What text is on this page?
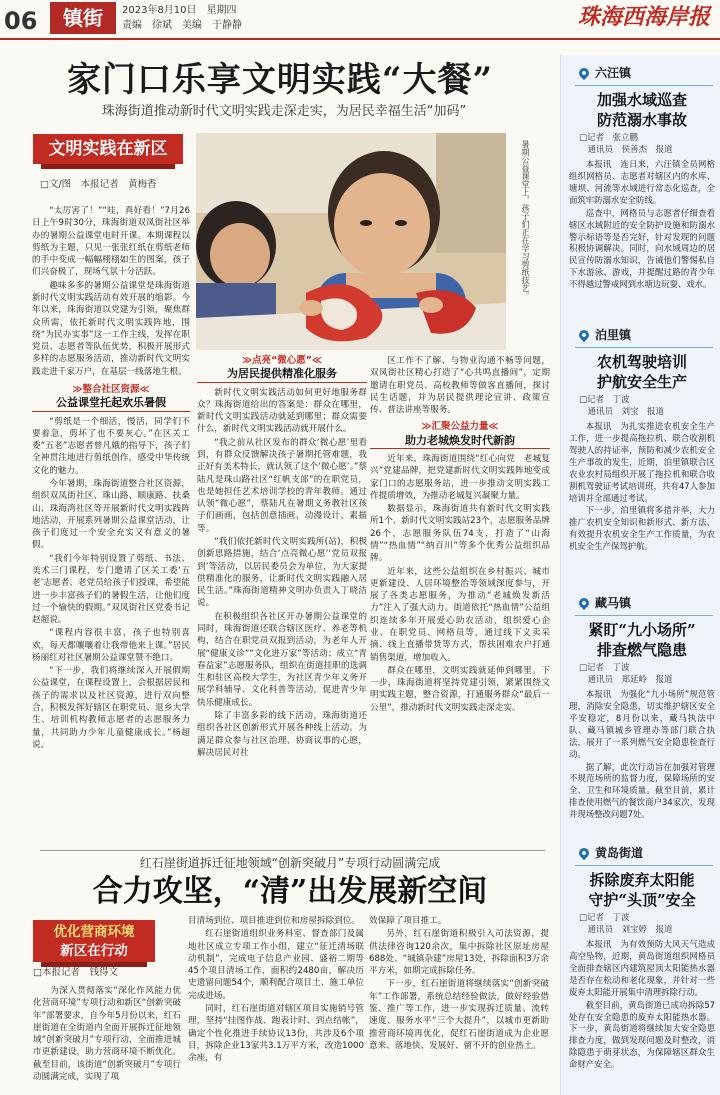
06	镇街	2023年8月10日　星期四
责编　徐斌　美编　于静静	珠海西海岸报
家门口乐享文明实践“大餐”
珠海街道推动新时代文明实践走深走实，为居民幸福生活“加码”
文明实践在新区
□文/图　本报记者　黄梅香	暑期公益课堂上，孩子们正在学习剪纸技艺。

“太厉害了！”“哇，真好看！”7月26日上午9时30分，珠海街道双凤街社区举办的暑期公益课堂电时开课。本期课程以剪纸为主题，只见一张张红纸在剪纸老师的手中变成一幅幅栩栩如生的图案，孩子们兴奋极了，现场气氛十分活跃。

趣味多多的暑期公益课堂是珠海街道新时代文明实践活动有效开展的缩影。今年以来，珠海街道以党建为引领，聚焦群众所需，依托新时代文明实践阵地，围绕“为民办实事”这一工作主线，发挥在职党员、志愿者等队伍优势，积极开展形式多样的志愿服务活动，推动新时代文明实践走进千家万户，在基层一线落地生根。

≫整合社区资源≪
公益课堂托起欢乐暑假

“剪纸是一个细活，慢活，同学们不要着急，剪坏了也不要灰心。”在区关工委“五老”志愿者曾凡娥的指导下，孩子们全神贯注地进行剪纸创作，感受中华传统文化的魅力。

今年暑期，珠海街道整合社区资源，组织双凤街社区、珠山路、顺康路、扶桑山、珠海湾社区等开展新时代文明实践阵地活动，开展系列暑期公益课堂活动，让孩子们度过一个安全充实又有意义的暑假。

“我们今年特别设置了剪纸、书法、美术三门课程，专门邀请了区关工委‘五老’志愿者、老党员给孩子们授课，希望能进一步丰富孩子们的暑假生活，让他们度过一个愉快的假期。”双凤街社区党委书记赵超说。

“课程内容很丰富，孩子也特别喜欢，每天都嚷嚷着让我带他来上课。”居民杨丽红对社区暑期公益课堂赞不绝口。

“下一步，我们将继续深入开展假期公益课堂，在课程设置上，会根据居民和孩子的需求以及社区资源，进行双向整合，积极发挥好辖区在职党员、退乡大学生、培训机构教师志愿者的志愿服务力量，共同助力少年儿童健康成长。”杨超说。

≫点亮“微心愿”≪
为居民提供精准化服务

新时代文明实践活动如何更好地服务群众？珠海街道给出的答案是：群众在哪里，新时代文明实践活动就延到哪里；群众需要什么，新时代文明实践活动就开展什么。

“我之前从社区发布的群众‘微心愿’里看到，有群众反馈解决孩子暑期托管难题，我正好有美术特长，就认领了这个‘微心愿’。”蔡陆凡是珠山路社区“红帆支部”的在职党员，也是她担任艺术培训学校的青年教师。通过认领“微心愿”，蔡陆凡在暑期义务教社区孩子们画画，包括创意插画、动漫设计、素描等。

“我们依托新时代文明实践所(站)，积极创新思路措施，结合‘点亮微心愿’‘党员双报到’等活动，以居民委员会为单位，为大家提供精准化的服务，让新时代文明实践融入居民生活。”珠海街道精神文明办负责人丁晓洁说。

在积极组织各社区开办暑期公益课堂的同时，珠海街道还联合辖区医疗、养老等机构，结合在职党员双报到活动，为老年人开展“健康义诊”“文化进万家”等活动；成立“青春益家”志愿服务队，组织在街道挂职的选调生和驻区高校大学生，为社区青少年义务开展学科辅导、文化科普等活动，促进青少年快乐健康成长。

除了丰富多彩的线下活动，珠海街道还组织各社区创新形式开展各种线上活动。为满足群众参与社区治理、协商议事的心愿，解决居民对社

区工作不了解、与物业沟通不畅等问题，双凤街社区精心打造了“心共鸣直播间”，定期邀请在职党员、高校教师等做客直播间，探讨民生话题，并为居民提供理论宣讲、政策宣传、普法讲座等服务。

≫汇聚公益力量≪
助力老城焕发时代新韵

近年来，珠海街道围绕“红心向党　老城复兴”党建品牌，把党建新时代文明实践阵地变成家门口的志愿服务站，进一步推动文明实践工作提质增效，为推动老城复兴凝聚力量。

数据显示，珠海街道共有新时代文明实践所1个、新时代文明实践站23个，志愿服务品牌26个，志愿服务队伍74支，打造了“山海情”“热血情”“纳百川”等多个优秀公益组织品牌。

近年来，这些公益组织在乡村振兴、城市更新建设、人居环境整治等领域深度参与，开展了各类志愿服务，为推动“老城焕发新活力”注入了强大动力。街道依托“热血情”公益组织连续多年开展爱心助农活动，组织爱心企业、在职党员、网格员等，通过线下义卖采摘、线上直播带货等方式，帮扶困难农户打通销售渠道，增加收入。

群众在哪里，文明实践就延伸到哪里。下一步，珠海街道将坚持党建引领，紧紧围绕文明实践主题，整合资源，打通服务群众“最后一公里”，推动新时代文明实践走深走实。

六汪镇
加强水域巡查
防范溺水事故
□记者　张立鹏
　通讯员　侯善杰　报道

本报讯　连日来，六汪镇全员网格组织网格员、志愿者对辖区内的水库、塘坝、河流等水域进行常态化巡查，全面筑牢防溺水安全防线。

巡查中，网格员与志愿者仔细查看辖区水域附近的安全防护设施和防溺水警示标语等是否完好，针对发现的问题积极协调解决。同时，向水域周边的居民宣传防溺水知识，告诫他们警惕私自下水游泳、游戏，并提醒过路的青少年不得越过警戒网到水塘边玩耍、戏水。

泊里镇
农机驾驶培训
护航安全生产
□记者　丁波
　通讯员　刘宝　报道

本报讯　为扎实推进农机安全生产工作，进一步提高拖拉机、联合收割机驾驶人的持证率，预防和减少农机安全生产事故的发生，近期，泊里镇联合区农业农村局组织开展了拖拉机和联合收割机驾驶证考试培训班，共有47人参加培训并全部通过考试。

下一步，泊里镇将多措并举，大力推广农机安全知识和新形式、新方法，有效提升农机安全生产工作质量，为农机安全生产保驾护航。

藏马镇
紧盯“九小场所”
排查燃气隐患
□记者　丁波
　通讯员　郑延岭　报道

本报讯　为强化“九小场所”规范管理，消除安全隐患，切实维护辖区安全平安稳定，8月份以来，藏马执法中队、藏马镇城乡管理办等部门联合执法，展开了一系列燃气安全隐患检查行动。

据了解，此次行动旨在加强对管理不规范场所的监督力度，保障场所的安全、卫生和环境质量。截至目前，累计排查使用燃气的餐饮商户34家次，发现并现场整改问题7处。

黄岛街道
拆除废弃太阳能
守护“头顶”安全
□记者　丁波
　通讯员　刘宝婷　报道

本报讯　为有效预防大风天气造成高空坠物，近期，黄岛街道组织网格员全面排查辖区内建筑屋顶太阳能热水器是否存在松动和老化现象，并针对一些废弃太阳能开展集中清理拆除行动。

截至目前，黄岛街道已成功拆除57处存在安全隐患的废弃太阳能热水器。下一步，黄岛街道将继续加大安全隐患排查力度，做到发现问题及时整改，消除隐患于萌芽状态，为保障辖区群众生命财产安全。

红石崖街道拆迁征地领域“创新突破月”专项行动圆满完成
合力攻坚，“清”出发展新空间
优化营商环境
新区在行动
□本报记者　钱得文

为深入贯彻落实“深化作风能力优化营商环境”专项行动和新区“创新突破年”部署要求，自今年5月份以来，红石崖街道在全街道内全面开展拆迁征地领域“创新突破月”专项行动，全面推进城市更新建设，助力营商环境不断优化。截至目前，该街道“创新突破月”专项行动圆满完成，实现了项

目清场到位、项目推进到位和房屋拆除到位。

红石崖街道组织业务科室、督查部门及属地社区成立专项工作小组，建立“征迁清场联动机制”，完成电子信息产业园、盛裕二期等45个项目清场工作，面积约2480亩，解决历史遗留问题54个，顺利配合项目土、施工单位完成进场。

同时，红石崖街道对辖区项目实施销号管理，坚持“挂图作战、跑表计时、到点结帐”，确定个性化推进手续协议13份，共涉及6个项目，拆除企业13家共3.1万平方米，改造1000余座，有

效保障了项目推工。

另外，红石崖街道积极引入司法资源，提供法律咨询120余次，集中拆除社区原址房屋688处、“城镇杂建”房屋13处，拆除面积3万余平方米，如期完成拆除任务。

下一步，红石崖街道将继续落实“创新突破年”工作部署，系统总结经验做法，做好经验借鉴、推广等工作，进一步实现拆迁质量、流转速度、服务水平“三个大提升”，以城市更新助推营商环境再优化，促红石崖街道成为企业愿意来、落地快、发展好、留不开的创业热土。
